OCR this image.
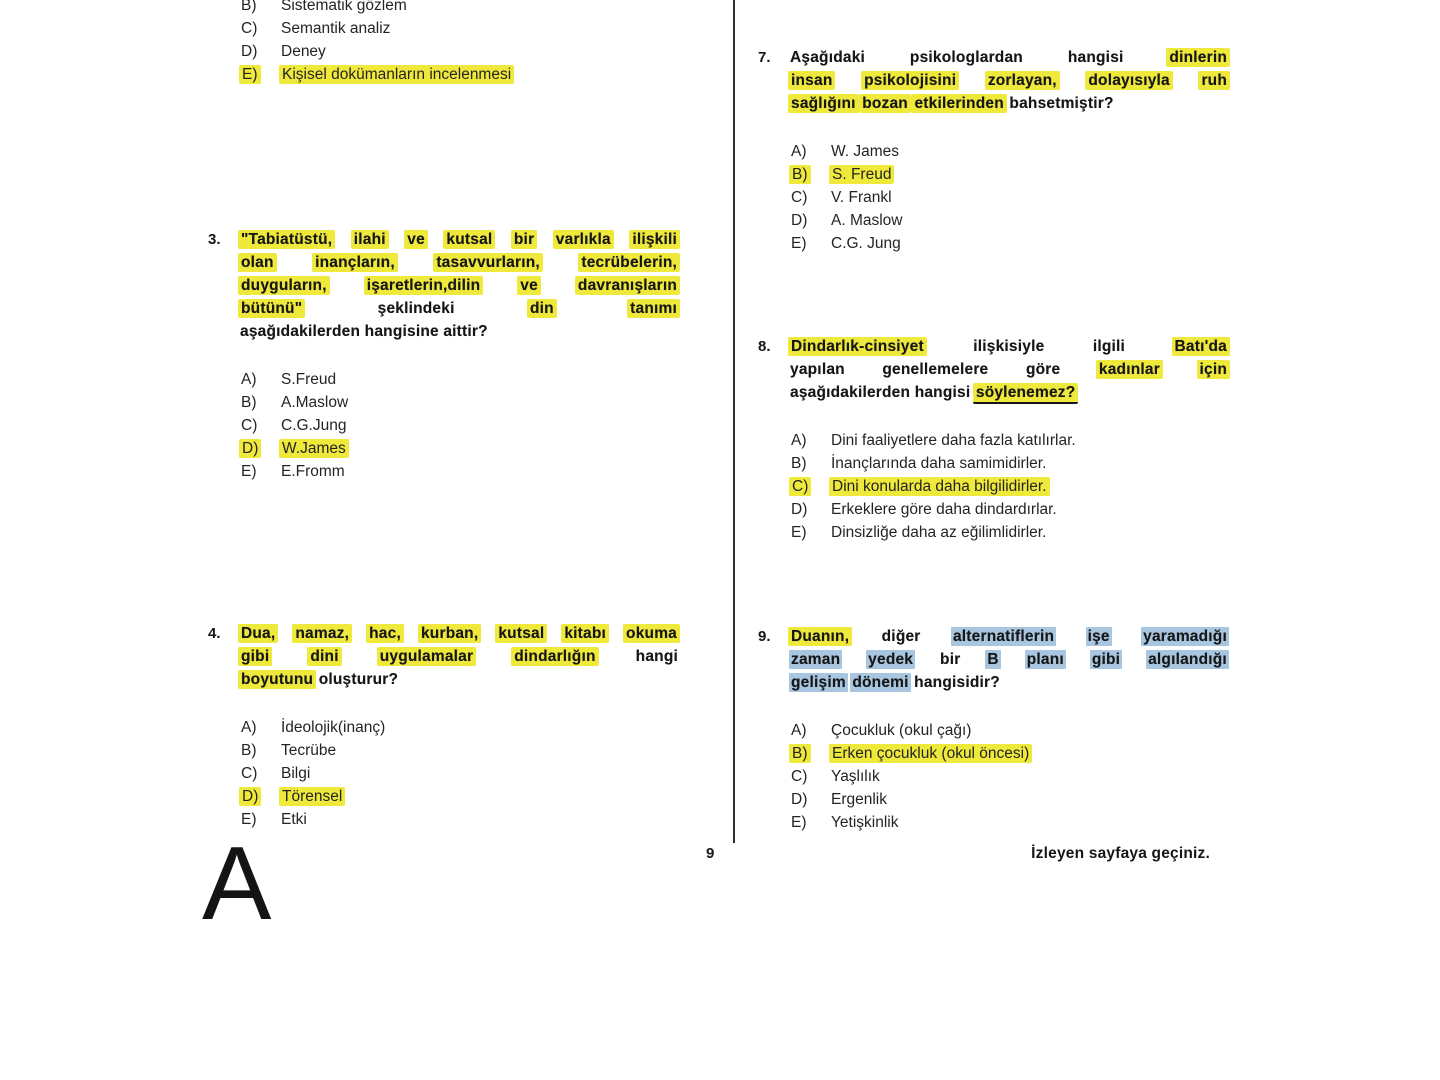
B)	Sistematik gözlem
C)	Semantik analiz
D)	Deney
E)	Kişisel dokümanların incelenmesi
3. "Tabiatüstü, ilahi ve kutsal bir varlıkla ilişkili
olan	inançların,	tasavvurların,	tecrübelerin,
duyguların,	işaretlerin,dilin	ve	davranışların
bütünü"	şeklindeki	din	tanımı
aşağıdakilerden hangisine aittir?
A)	S.Freud
B)	A.Maslow
C)	C.G.Jung
D)	W.James
E)	E.Fromm
4. Dua, namaz, hac, kurban, kutsal kitabı okuma
gibi	dini	uygulamalar	dindarlığın	hangi
boyutunu oluşturur?
A)	İdeolojik(inanç)
B)	Tecrübe
C)	Bilgi
D)	Törensel
E)	Etki
7. Aşağıdaki	psikologlardan	hangisi	dinlerin
insan psikolojisini zorlayan, dolayısıyla ruh
sağlığını bozan etkilerinden bahsetmiştir?
A)	W. James
B)	S. Freud
C)	V. Frankl
D)	A. Maslow
E)	C.G. Jung
8. Dindarlık-cinsiyet	ilişkisiyle	ilgili	Batı'da
yapılan genellemelere göre kadınlar	için
aşağıdakilerden hangisi söylenemez?
A)	Dini faaliyetlere daha fazla katılırlar.
B)	İnançlarında daha samimidirler.
C)	Dini konularda daha bilgilidirler.
D)	Erkeklere göre daha dindardırlar.
E)	Dinsizliğe daha az eğilimlidirler.
9. Duanın, diğer alternatiflerin işe yaramadığı
zaman yedek bir B planı gibi algılandığı
gelişim dönemi hangisidir?
A)	Çocukluk (okul çağı)
B)	Erken çocukluk (okul öncesi)
C)	Yaşlılık
D)	Ergenlik
E)	Yetişkinlik
A	9	İzleyen sayfaya geçiniz.
